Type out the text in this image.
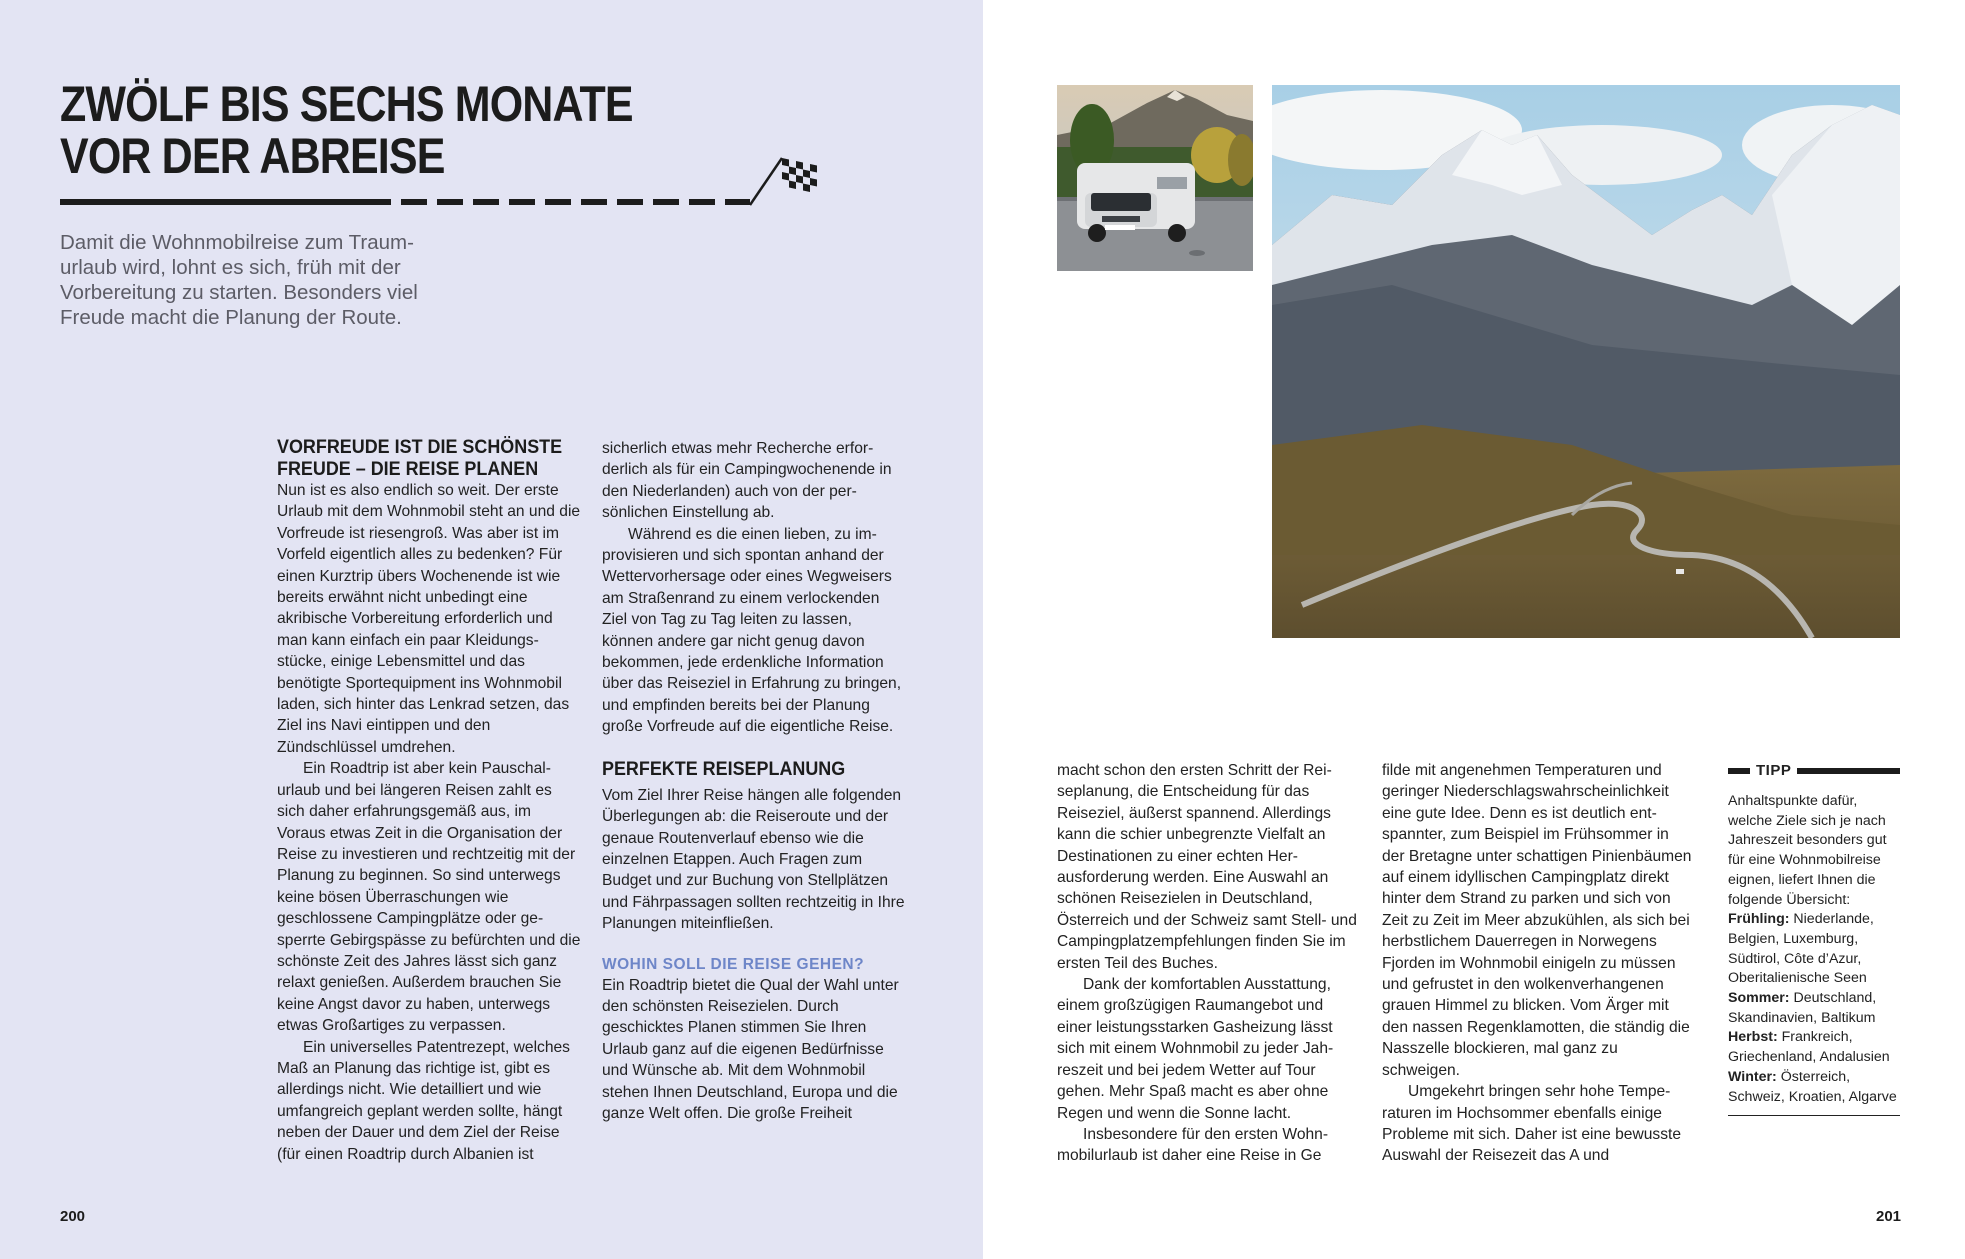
ZWÖLF BIS SECHS MONATE
VOR DER ABREISE

Damit die Wohnmobilreise zum Traumurlaub wird, lohnt es sich, früh mit der Vorbereitung zu starten. Besonders viel Freude macht die Planung der Route.

VORFREUDE IST DIE SCHÖNSTE
FREUDE – DIE REISE PLANEN

Nun ist es also endlich so weit. Der erste Urlaub mit dem Wohnmobil steht an und die Vorfreude ist riesengroß. Was aber ist im Vorfeld eigentlich alles zu bedenken? Für einen Kurztrip übers Wochenende ist wie bereits erwähnt nicht unbedingt eine akribische Vorbereitung erforderlich und man kann einfach ein paar Kleidungsstücke, einige Lebensmittel und das benötigte Sportequipment ins Wohnmobil laden, sich hinter das Lenkrad setzen, das Ziel ins Navi eintippen und den Zündschlüssel umdrehen.

Ein Roadtrip ist aber kein Pauschalurlaub und bei längeren Reisen zahlt es sich daher erfahrungsgemäß aus, im Voraus etwas Zeit in die Organisation der Reise zu investieren und rechtzeitig mit der Planung zu beginnen. So sind unterwegs keine bösen Überraschungen wie geschlossene Campingplätze oder gesperrte Gebirgspässe zu befürchten und die schönste Zeit des Jahres lässt sich ganz relaxt genießen. Außerdem brauchen Sie keine Angst davor zu haben, unterwegs etwas Großartiges zu verpassen.

Ein universelles Patentrezept, welches Maß an Planung das richtige ist, gibt es allerdings nicht. Wie detailliert und wie umfangreich geplant werden sollte, hängt neben der Dauer und dem Ziel der Reise (für einen Roadtrip durch Albanien ist

sicherlich etwas mehr Recherche erforderlich als für ein Campingwochenende in den Niederlanden) auch von der persönlichen Einstellung ab.

Während es die einen lieben, zu improvisieren und sich spontan anhand der Wettervorhersage oder eines Wegweisers am Straßenrand zu einem verlockenden Ziel von Tag zu Tag leiten zu lassen, können andere gar nicht genug davon bekommen, jede erdenkliche Information über das Reiseziel in Erfahrung zu bringen, und empfinden bereits bei der Planung große Vorfreude auf die eigentliche Reise.

PERFEKTE REISEPLANUNG

Vom Ziel Ihrer Reise hängen alle folgenden Überlegungen ab: die Reiseroute und der genaue Routenverlauf ebenso wie die einzelnen Etappen. Auch Fragen zum Budget und zur Buchung von Stellplätzen und Fährpassagen sollten rechtzeitig in Ihre Planungen miteinfließen.

WOHIN SOLL DIE REISE GEHEN?

Ein Roadtrip bietet die Qual der Wahl unter den schönsten Reisezielen. Durch geschicktes Planen stimmen Sie Ihren Urlaub ganz auf die eigenen Bedürfnisse und Wünsche ab. Mit dem Wohnmobil stehen Ihnen Deutschland, Europa und die ganze Welt offen. Die große Freiheit

macht schon den ersten Schritt der Reiseplanung, die Entscheidung für das Reiseziel, äußerst spannend. Allerdings kann die schier unbegrenzte Vielfalt an Destinationen zu einer echten Herausforderung werden. Eine Auswahl an schönen Reisezielen in Deutschland, Österreich und der Schweiz samt Stell- und Campingplatzempfehlungen finden Sie im ersten Teil des Buches.

Dank der komfortablen Ausstattung, einem großzügigen Raumangebot und einer leistungsstarken Gasheizung lässt sich mit einem Wohnmobil zu jeder Jahreszeit und bei jedem Wetter auf Tour gehen. Mehr Spaß macht es aber ohne Regen und wenn die Sonne lacht.

Insbesondere für den ersten Wohnmobilurlaub ist daher eine Reise in Ge

filde mit angenehmen Temperaturen und geringer Niederschlagswahrscheinlichkeit eine gute Idee. Denn es ist deutlich entspannter, zum Beispiel im Frühsommer in der Bretagne unter schattigen Pinienbäumen auf einem idyllischen Campingplatz direkt hinter dem Strand zu parken und sich von Zeit zu Zeit im Meer abzukühlen, als sich bei herbstlichem Dauerregen in Norwegens Fjorden im Wohnmobil einigeln zu müssen und gefrustet in den wolkenverhangenen grauen Himmel zu blicken. Vom Ärger mit den nassen Regenklamotten, die ständig die Nasszelle blockieren, mal ganz zu schweigen.

Umgekehrt bringen sehr hohe Temperaturen im Hochsommer ebenfalls einige Probleme mit sich. Daher ist eine bewusste Auswahl der Reisezeit das A und

TIPP

Anhaltspunkte dafür, welche Ziele sich je nach Jahreszeit besonders gut für eine Wohnmobilreise eignen, liefert Ihnen die folgende Übersicht:

Frühling: Niederlande, Belgien, Luxemburg, Südtirol, Côte d’Azur, Oberitalienische Seen

Sommer: Deutschland, Skandinavien, Baltikum

Herbst: Frankreich, Griechenland, Andalusien

Winter: Österreich, Schweiz, Kroatien, Algarve

200	201
